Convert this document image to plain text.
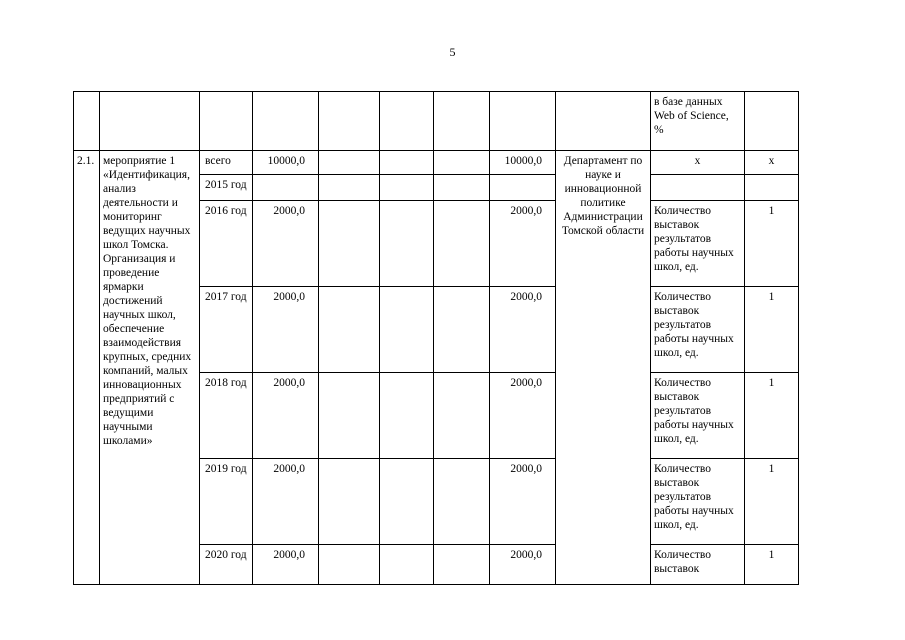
5
									в базе данных Web of Science, %	
2.1.	мероприятие 1 «Идентификация, анализ деятельности и мониторинг ведущих научных школ Томска. Организация и проведение ярмарки достижений научных школ, обеспечение взаимодействия крупных, средних компаний, малых инновационных предприятий с ведущими научными школами»	всего	10000,0				10000,0	Департамент по науке и инновационной политике Администрации Томской области	х	х
		2015 год								
		2016 год	2000,0				2000,0		Количество выставок результатов работы научных школ, ед.	1
		2017 год	2000,0				2000,0		Количество выставок результатов работы научных школ, ед.	1
		2018 год	2000,0				2000,0		Количество выставок результатов работы научных школ, ед.	1
		2019 год	2000,0				2000,0		Количество выставок результатов работы научных школ, ед.	1
		2020 год	2000,0				2000,0		Количество выставок	1
